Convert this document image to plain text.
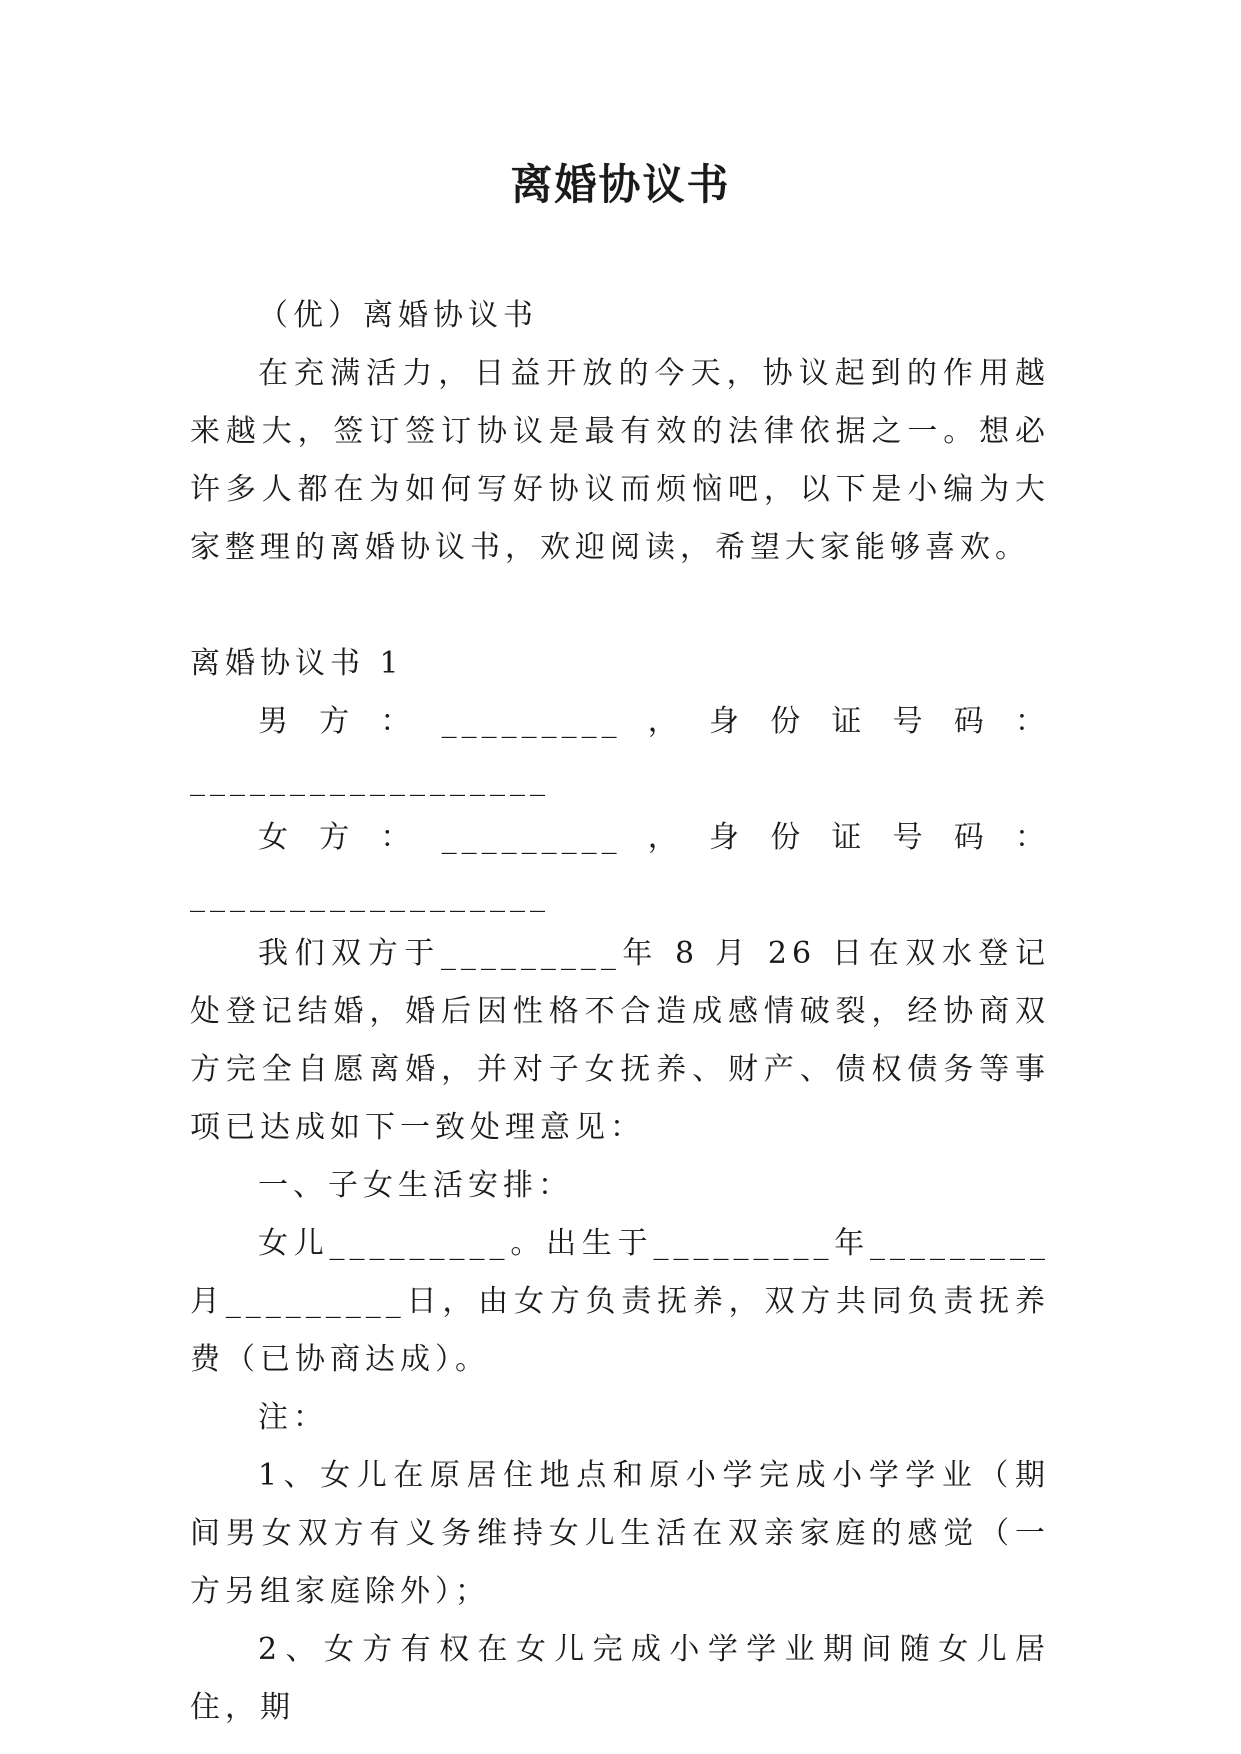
离婚协议书

（优）离婚协议书

在充满活力，日益开放的今天，协议起到的作用越来越大，签订签订协议是最有效的法律依据之一。想必许多人都在为如何写好协议而烦恼吧，以下是小编为大家整理的离婚协议书，欢迎阅读，希望大家能够喜欢。

离婚协议书 1

男方：_________，身份证号码：__________________

女方：_________，身份证号码：__________________

我们双方于_________年 8 月 26 日在双水登记处登记结婚，婚后因性格不合造成感情破裂，经协商双方完全自愿离婚，并对子女抚养、财产、债权债务等事项已达成如下一致处理意见：

一、子女生活安排：

女儿_________。出生于_________年_________月_________日，由女方负责抚养，双方共同负责抚养费（已协商达成）。

注：

1、女儿在原居住地点和原小学完成小学学业（期间男女双方有义务维持女儿生活在双亲家庭的感觉（一方另组家庭除外）；

2、女方有权在女儿完成小学学业期间随女儿居住，期
